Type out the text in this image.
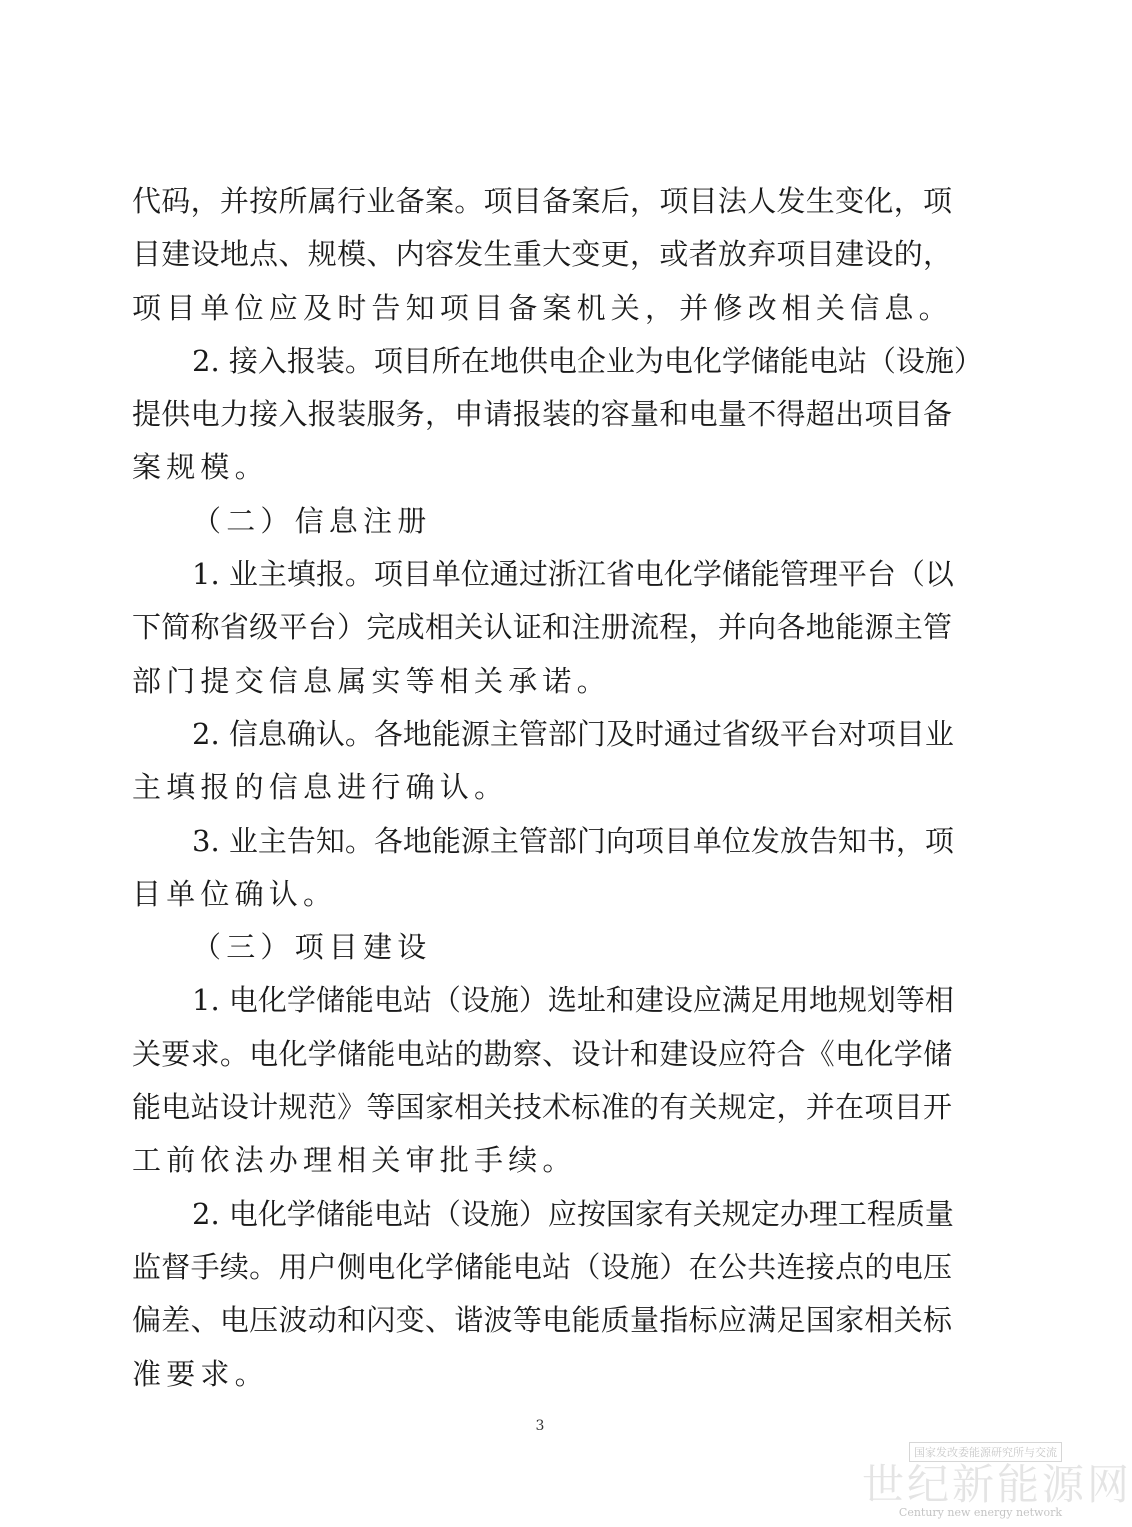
代码，并按所属行业备案。项目备案后，项目法人发生变化，项
目建设地点、规模、内容发生重大变更，或者放弃项目建设的，
项目单位应及时告知项目备案机关，并修改相关信息。
2. 接入报装。项目所在地供电企业为电化学储能电站（设施）
提供电力接入报装服务，申请报装的容量和电量不得超出项目备
案规模。
（二）信息注册
1. 业主填报。项目单位通过浙江省电化学储能管理平台（以
下简称省级平台）完成相关认证和注册流程，并向各地能源主管
部门提交信息属实等相关承诺。
2. 信息确认。各地能源主管部门及时通过省级平台对项目业
主填报的信息进行确认。
3. 业主告知。各地能源主管部门向项目单位发放告知书，项
目单位确认。
（三）项目建设
1. 电化学储能电站（设施）选址和建设应满足用地规划等相
关要求。电化学储能电站的勘察、设计和建设应符合《电化学储
能电站设计规范》等国家相关技术标准的有关规定，并在项目开
工前依法办理相关审批手续。
2. 电化学储能电站（设施）应按国家有关规定办理工程质量
监督手续。用户侧电化学储能电站（设施）在公共连接点的电压
偏差、电压波动和闪变、谐波等电能质量指标应满足国家相关标
准要求。
3
国家发改委能源研究所与交流
世纪新能源网
Century new energy network
